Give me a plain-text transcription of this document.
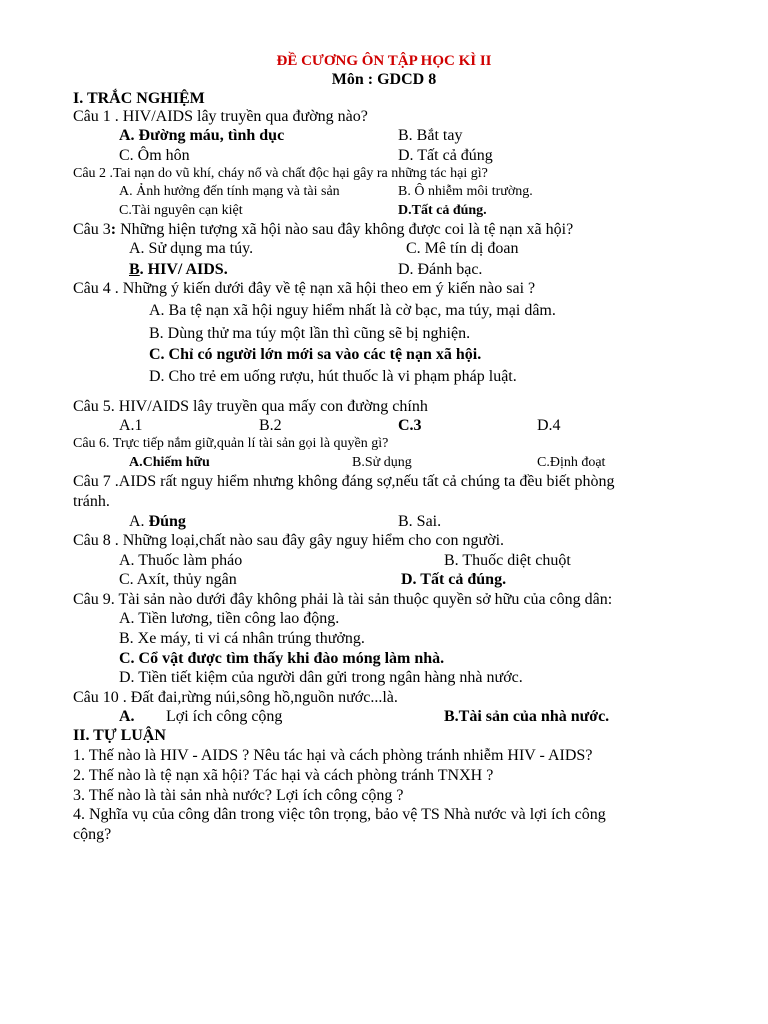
ĐỀ CƯƠNG ÔN TẬP HỌC KÌ II
Môn : GDCD 8
I. TRẮC NGHIỆM
Câu 1 . HIV/AIDS lây truyền qua đường nào?
A. Đường máu, tình dục	B. Bắt tay
C. Ôm hôn	D. Tất cả đúng
Câu 2 .Tai nạn do vũ khí, cháy nổ và chất độc hại gây ra những tác hại gì?
A. Ảnh hưởng đến tính mạng và tài sản	B. Ô nhiễm môi trường.
C.Tài nguyên cạn kiệt	D.Tất cả đúng.
Câu 3: Những hiện tượng xã hội nào sau đây không được coi là tệ nạn xã hội?
A. Sử dụng ma túy.	C. Mê tín dị đoan
B. HIV/ AIDS.	D. Đánh bạc.
Câu 4 . Những ý kiến dưới đây về tệ nạn xã hội theo em ý kiến nào sai ?
A. Ba tệ nạn xã hội nguy hiểm nhất là cờ bạc, ma túy, mại dâm.
B. Dùng thử ma túy một lần thì cũng sẽ bị nghiện.
C. Chỉ có người lớn mới sa vào các tệ nạn xã hội.
D. Cho trẻ em uống rượu, hút thuốc là vi phạm pháp luật.
Câu 5. HIV/AIDS lây truyền qua mấy con đường chính
A.1	B.2	C.3	D.4
Câu 6. Trực tiếp nắm giữ,quản lí tài sản gọi là quyền gì?
A.Chiếm hữu	B.Sử dụng	C.Định đoạt
Câu 7 .AIDS rất nguy hiểm nhưng không đáng sợ,nếu tất cả chúng ta đều biết phòng
tránh.
A. Đúng	B. Sai.
Câu 8 . Những loại,chất nào sau đây gây nguy hiểm cho con người.
A. Thuốc làm pháo	B. Thuốc diệt chuột
C. Axít, thủy ngân	D. Tất cả đúng.
Câu 9. Tài sản nào dưới đây không phải là tài sản thuộc quyền sở hữu của công dân:
A. Tiền lương, tiền công lao động.
B. Xe máy, ti vi cá nhân trúng thưởng.
C. Cổ vật được tìm thấy khi đào móng làm nhà.
D. Tiền tiết kiệm của người dân gửi trong ngân hàng nhà nước.
Câu 10 . Đất đai,rừng núi,sông hồ,nguồn nước...là.
A. Lợi ích công cộng	B.Tài sản của nhà nước.
II. TỰ LUẬN
1. Thế nào là HIV - AIDS ? Nêu tác hại và cách phòng tránh nhiễm HIV - AIDS?
2. Thế nào là tệ nạn xã hội? Tác hại và cách phòng tránh TNXH ?
3. Thế nào là tài sản nhà nước? Lợi ích công cộng ?
4. Nghĩa vụ của công dân trong việc tôn trọng, bảo vệ TS Nhà nước và lợi ích công
cộng?
